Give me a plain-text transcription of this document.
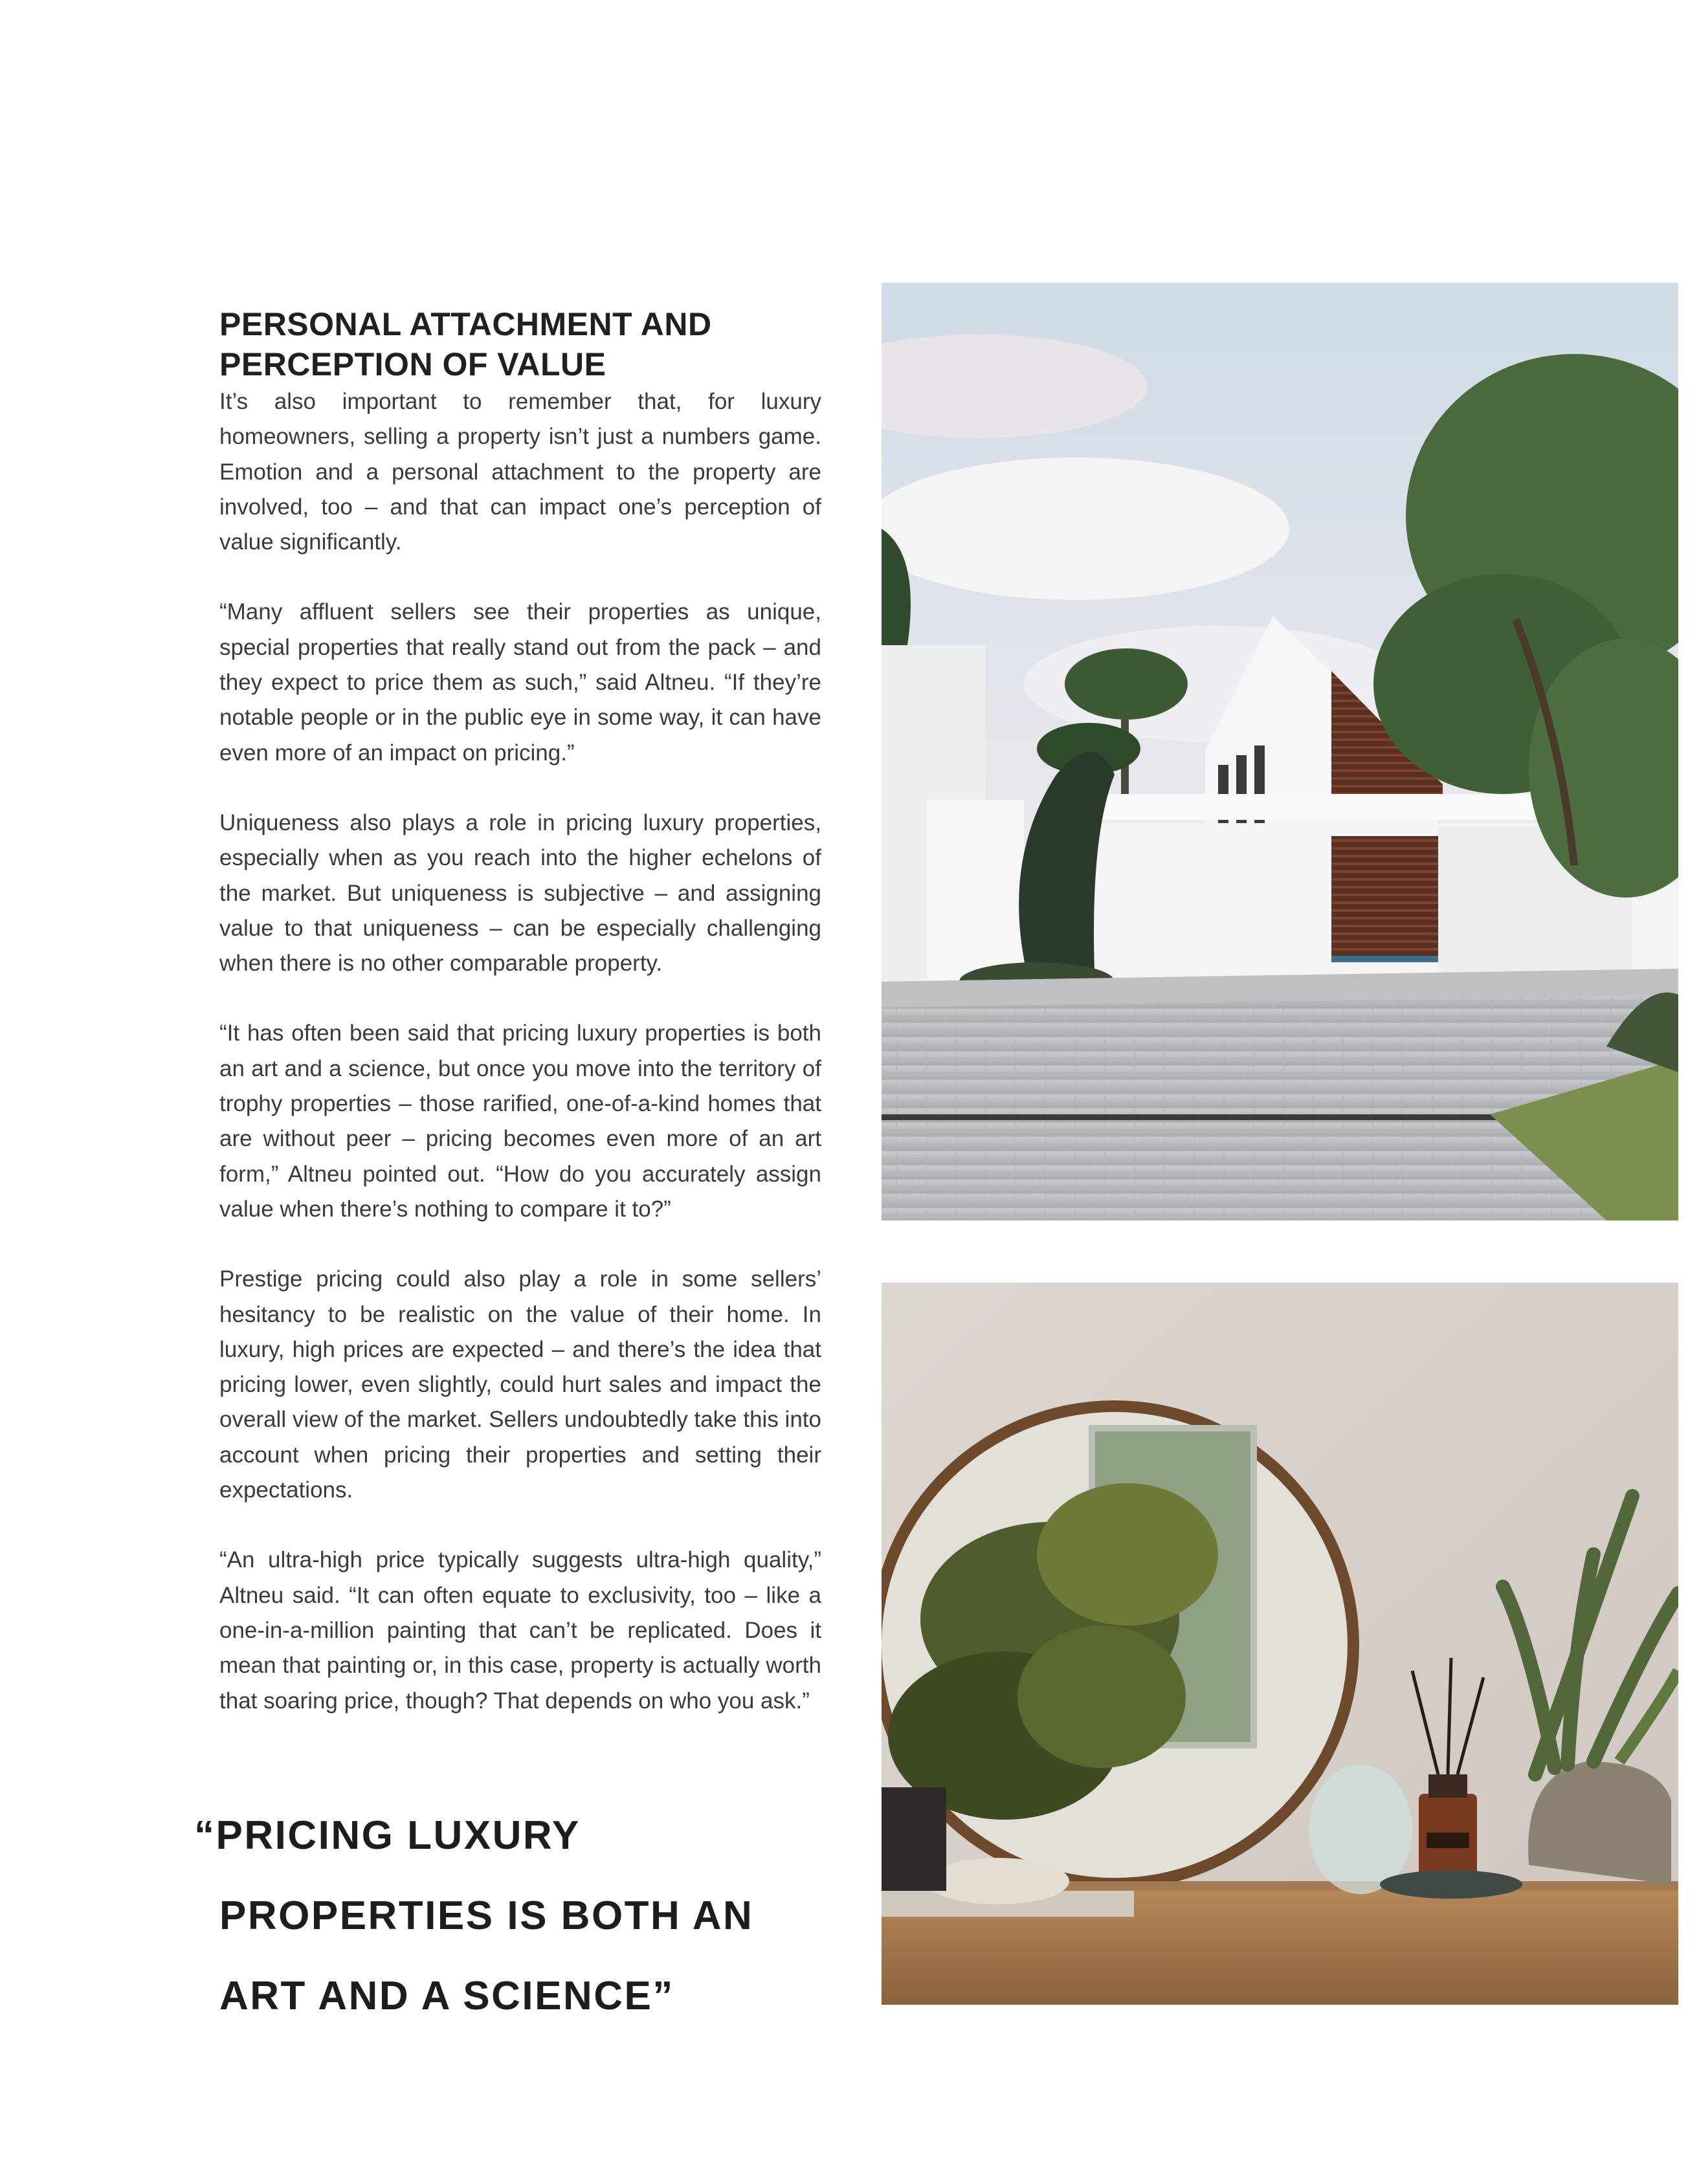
PERSONAL ATTACHMENT AND
PERCEPTION OF VALUE

It’s also important to remember that, for luxury homeowners, selling a property isn’t just a numbers game. Emotion and a personal attachment to the property are involved, too – and that can impact one’s perception of value significantly.

“Many affluent sellers see their properties as unique, special properties that really stand out from the pack – and they expect to price them as such,” said Altneu. “If they’re notable people or in the public eye in some way, it can have even more of an impact on pricing.”

Uniqueness also plays a role in pricing luxury properties, especially when as you reach into the higher echelons of the market. But uniqueness is subjective – and assigning value to that uniqueness – can be especially challenging when there is no other comparable property.

“It has often been said that pricing luxury properties is both an art and a science, but once you move into the territory of trophy properties – those rarified, one-of-a-kind homes that are without peer – pricing becomes even more of an art form,” Altneu pointed out. “How do you accurately assign value when there’s nothing to compare it to?”

Prestige pricing could also play a role in some sellers’ hesitancy to be realistic on the value of their home. In luxury, high prices are expected – and there’s the idea that pricing lower, even slightly, could hurt sales and impact the overall view of the market. Sellers undoubtedly take this into account when pricing their properties and setting their expectations.

“An ultra-high price typically suggests ultra-high quality,” Altneu said. “It can often equate to exclusivity, too – like a one-in-a-million painting that can’t be replicated. Does it mean that painting or, in this case, property is actually worth that soaring price, though? That depends on who you ask.”

“PRICING LUXURY

PROPERTIES IS BOTH AN

ART AND A SCIENCE”
